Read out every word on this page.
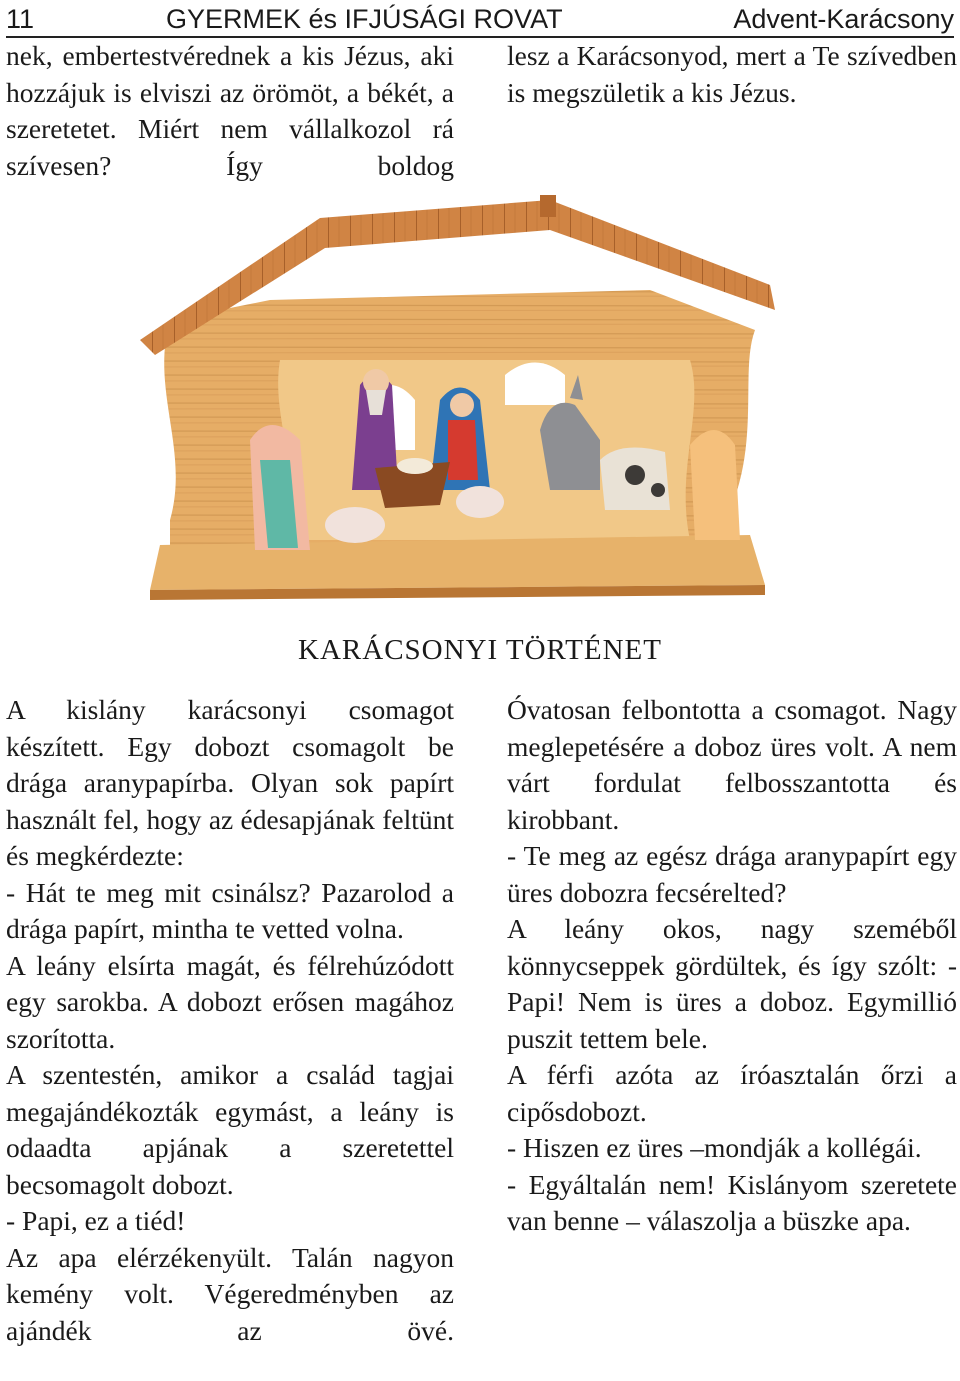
11	GYERMEK és IFJÚSÁGI ROVAT	Advent-Karácsony

nek, embertestvérednek a kis Jézus, aki hozzájuk is elviszi az örömöt, a békét, a szeretetet. Miért nem vállalkozol rá szívesen? Így boldog

lesz a Karácsonyod, mert a Te szívedben is megszületik a kis Jézus.

KARÁCSONYI TÖRTÉNET

A kislány karácsonyi csomagot készített. Egy dobozt csomagolt be drága aranypapírba. Olyan sok papírt használt fel, hogy az édesapjának feltünt és megkérdezte:

- Hát te meg mit csinálsz? Pazarolod a drága papírt, mintha te vetted volna.

A leány elsírta magát, és félrehúzódott egy sarokba. A dobozt erősen magához szorította.

A szentestén, amikor a család tagjai megajándékozták egymást, a leány is odaadta apjának a szeretettel becsomagolt dobozt.

- Papi, ez a tiéd!

Az apa elérzékenyült. Talán nagyon kemény volt. Végeredményben az ajándék az övé.

Óvatosan felbontotta a csomagot. Nagy meglepetésére a doboz üres volt. A nem várt fordulat felbosszantotta és kirobbant.

- Te meg az egész drága aranypapírt egy üres dobozra fecsérelted?

A leány okos, nagy szeméből könnycseppek gördültek, és így szólt: - Papi! Nem is üres a doboz. Egymillió puszit tettem bele.

A férfi azóta az íróasztalán őrzi a cipősdobozt.

- Hiszen ez üres –mondják a kollégái.

- Egyáltalán nem! Kislányom szeretete van benne – válaszolja a büszke apa.
